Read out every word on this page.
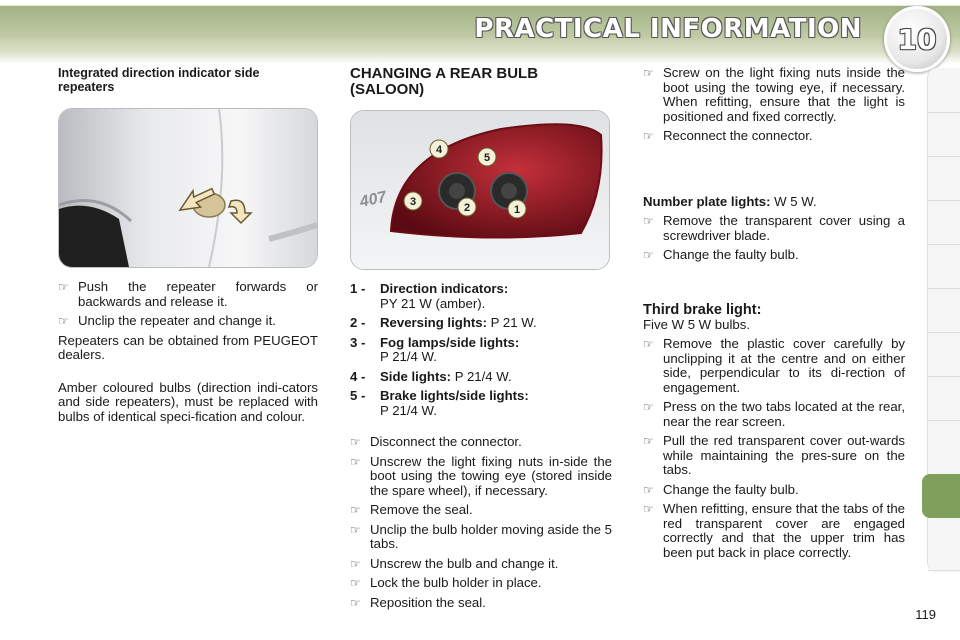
PRACTICAL INFORMATION 10
Integrated direction indicator side repeaters
☞ Push the repeater forwards or backwards and release it.
☞ Unclip the repeater and change it.

Repeaters can be obtained from PEUGEOT dealers.

Amber coloured bulbs (direction indi-cators and side repeaters), must be replaced with bulbs of identical speci-fication and colour.

CHANGING A REAR BULB (SALOON)
4
5
3	2	1
407
1 -	Direction indicators:
PY 21 W (amber).
2 -	Reversing lights: P 21 W.
3 -	Fog lamps/side lights:
P 21/4 W.
4 -	Side lights: P 21/4 W.
5 -	Brake lights/side lights:
P 21/4 W.
☞ Disconnect the connector.
☞ Unscrew the light fixing nuts in-side the boot using the towing eye (stored inside the spare wheel), if necessary.
☞ Remove the seal.
☞ Unclip the bulb holder moving aside the 5 tabs.
☞ Unscrew the bulb and change it.
☞ Lock the bulb holder in place.
☞ Reposition the seal.
☞ Screw on the light fixing nuts inside the boot using the towing eye, if necessary. When refitting, ensure that the light is positioned and fixed correctly.
☞ Reconnect the connector.

Number plate lights: W 5 W.

☞ Remove the transparent cover using a screwdriver blade.
☞ Change the faulty bulb.
Third brake light:

Five W 5 W bulbs.

☞ Remove the plastic cover carefully by unclipping it at the centre and on either side, perpendicular to its di-rection of engagement.
☞ Press on the two tabs located at the rear, near the rear screen.
☞ Pull the red transparent cover out-wards while maintaining the pres-sure on the tabs.
☞ Change the faulty bulb.
☞ When refitting, ensure that the tabs of the red transparent cover are engaged correctly and that the upper trim has been put back in place correctly.
119
